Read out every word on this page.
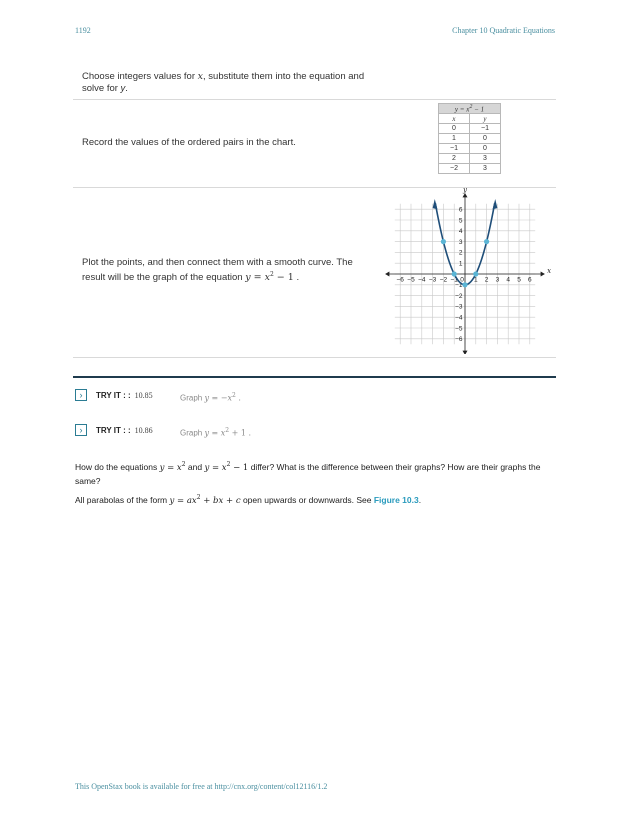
1192	Chapter 10 Quadratic Equations
Choose integers values for x, substitute them into the equation and solve for y.
Record the values of the ordered pairs in the chart.
$y = x^2 - 1$	
x	y
0	−1
1	0
−1	0
2	3
−2	3
Plot the points, and then connect them with a smooth curve. The result will be the graph of the equation $y = x^2 - 1$ .	−6 −5 −4 −3 −2 −1 0 1 2 3 4 5 6
6
5
4
3
2
1
−1
−2
−3
−4
−5
−6
x
y
›	TRY IT : : 10.85	Graph $y = -x^2$ .
›	TRY IT : : 10.86	Graph $y = x^2 + 1$ .
How do the equations $y = x^2$ and $y = x^2 - 1$ differ? What is the difference between their graphs? How are their graphs the same?
All parabolas of the form $y = ax^2$ + bx + c open upwards or downwards. See Figure 10.3.
This OpenStax book is available for free at http://cnx.org/content/col12116/1.2
